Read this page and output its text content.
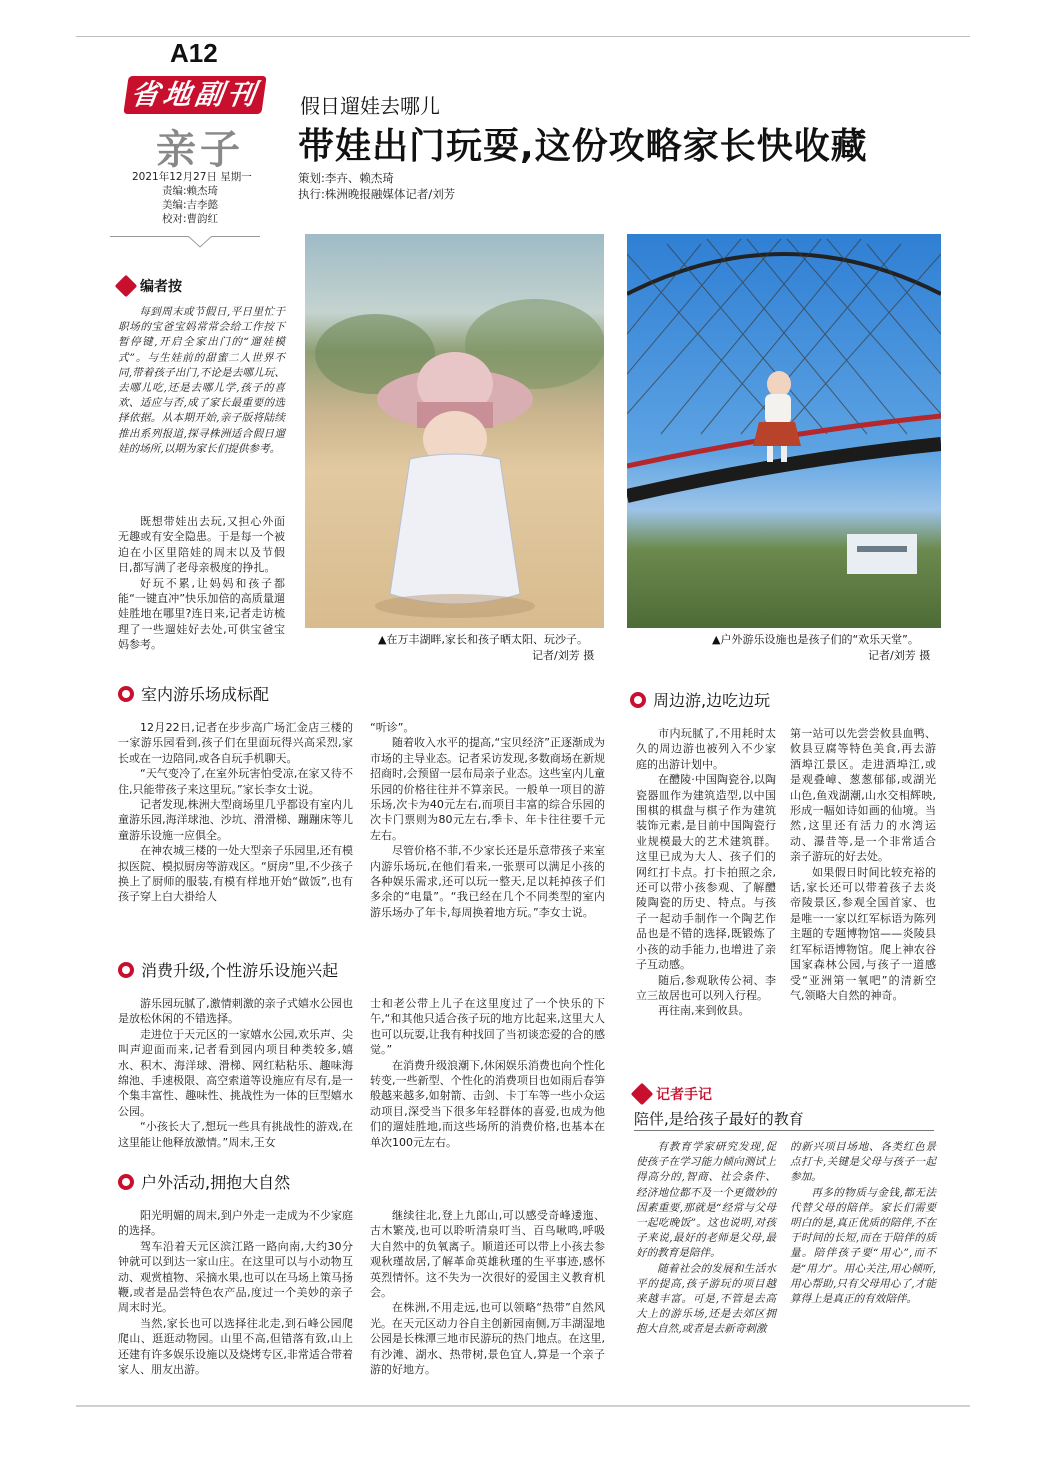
A12
省地副刊
亲子
2021年12月27日 星期一
责编:赖杰琦
美编:吉李懿
校对:曹韵红
假日遛娃去哪儿
带娃出门玩耍,这份攻略家长快收藏
策划:李卉、赖杰琦
执行:株洲晚报融媒体记者/刘芳
编者按
每到周末或节假日,平日里忙于职场的宝爸宝妈常常会给工作按下暂停键,开启全家出门的“遛娃模式”。与生娃前的甜蜜二人世界不同,带着孩子出门,不论是去哪儿玩、去哪儿吃,还是去哪儿学,孩子的喜欢、适应与否,成了家长最重要的选择依据。从本期开始,亲子版将陆续推出系列报道,探寻株洲适合假日遛娃的场所,以期为家长们提供参考。

既想带娃出去玩,又担心外面无趣或有安全隐患。于是每一个被迫在小区里陪娃的周末以及节假日,都写满了老母亲极度的挣扎。

好玩不累,让妈妈和孩子都能“一键直冲”快乐加倍的高质量遛娃胜地在哪里?连日来,记者走访梳理了一些遛娃好去处,可供宝爸宝妈参考。	▲在万丰湖畔,家长和孩子晒太阳、玩沙子。
记者/刘芳 摄
▲户外游乐设施也是孩子们的“欢乐天堂”。
记者/刘芳 摄
室内游乐场成标配

12月22日,记者在步步高广场汇金店三楼的一家游乐园看到,孩子们在里面玩得兴高采烈,家长或在一边陪同,或各自玩手机聊天。

“天气变冷了,在室外玩害怕受凉,在家又待不住,只能带孩子来这里玩。”家长李女士说。

记者发现,株洲大型商场里几乎都设有室内儿童游乐园,海洋球池、沙坑、滑滑梯、蹦蹦床等儿童游乐设施一应俱全。

在神农城三楼的一处大型亲子乐园里,还有模拟医院、模拟厨房等游戏区。“厨房”里,不少孩子换上了厨师的服装,有模有样地开始“做饭”,也有孩子穿上白大褂给人

“听诊”。

随着收入水平的提高,“宝贝经济”正逐渐成为市场的主导业态。记者采访发现,多数商场在新规招商时,会预留一层布局亲子业态。这些室内儿童乐园的价格往往并不算亲民。一般单一项目的游乐场,次卡为40元左右,而项目丰富的综合乐园的次卡门票则为80元左右,季卡、年卡往往要千元左右。

尽管价格不菲,不少家长还是乐意带孩子来室内游乐场玩,在他们看来,一张票可以满足小孩的各种娱乐需求,还可以玩一整天,足以耗掉孩子们多余的“电量”。“我已经在几个不同类型的室内游乐场办了年卡,每周换着地方玩。”李女士说。

消费升级,个性游乐设施兴起

游乐园玩腻了,激情刺激的亲子式嬉水公园也是放松休闲的不错选择。

走进位于天元区的一家嬉水公园,欢乐声、尖叫声迎面而来,记者看到园内项目种类较多,嬉水、积木、海洋球、滑梯、网红粘粘乐、趣味海绵池、手速极限、高空索道等设施应有尽有,是一个集丰富性、趣味性、挑战性为一体的巨型嬉水公园。

“小孩长大了,想玩一些具有挑战性的游戏,在这里能让他释放激情。”周末,王女

士和老公带上儿子在这里度过了一个快乐的下午,“和其他只适合孩子玩的地方比起来,这里大人也可以玩耍,让我有种找回了当初谈恋爱的合的感觉。”

在消费升级浪潮下,休闲娱乐消费也向个性化转变,一些新型、个性化的消费项目也如雨后春笋般越来越多,如射箭、击剑、卡丁车等一些小众运动项目,深受当下很多年轻群体的喜爱,也成为他们的遛娃胜地,而这些场所的消费价格,也基本在单次100元左右。

户外活动,拥抱大自然

阳光明媚的周末,到户外走一走成为不少家庭的选择。

驾车沿着天元区滨江路一路向南,大约30分钟就可以到达一家山庄。在这里可以与小动物互动、观赏植物、采摘水果,也可以在马场上策马扬鞭,或者是品尝特色农产品,度过一个美妙的亲子周末时光。

当然,家长也可以选择往北走,到石峰公园爬爬山、逛逛动物园。山里不高,但错落有致,山上还建有许多娱乐设施以及烧烤专区,非常适合带着家人、朋友出游。

继续往北,登上九郎山,可以感受奇峰逶迤、古木繁茂,也可以聆听清泉叮当、百鸟啾鸣,呼吸大自然中的负氧离子。顺道还可以带上小孩去参观秋瑾故居,了解革命英雄秋瑾的生平事迹,感怀英烈情怀。这不失为一次很好的爱国主义教育机会。

在株洲,不用走远,也可以领略“热带”自然风光。在天元区动力谷自主创新园南侧,万丰湖湿地公园是长株潭三地市民游玩的热门地点。在这里,有沙滩、湖水、热带树,景色宜人,算是一个亲子游的好地方。

周边游,边吃边玩

市内玩腻了,不用耗时太久的周边游也被列入不少家庭的出游计划中。

在醴陵·中国陶瓷谷,以陶瓷器皿作为建筑造型,以中国围棋的棋盘与棋子作为建筑装饰元素,是目前中国陶瓷行业规模最大的艺术建筑群。这里已成为大人、孩子们的网红打卡点。打卡拍照之余,还可以带小孩参观、了解醴陵陶瓷的历史、特点。与孩子一起动手制作一个陶艺作品也是不错的选择,既锻炼了小孩的动手能力,也增进了亲子互动感。

随后,参观耿传公祠、李立三故居也可以列入行程。

再往南,来到攸县。

第一站可以先尝尝攸县血鸭、攸县豆腐等特色美食,再去游酒埠江景区。走进酒埠江,或是观叠嶂、葱葱郁郁,或湖光山色,鱼戏湖潮,山水交相辉映,形成一幅如诗如画的仙境。当然,这里还有活力的水湾运动、瀑昔等,是一个非常适合亲子游玩的好去处。

如果假日时间比较充裕的话,家长还可以带着孩子去炎帝陵景区,参观全国首家、也是唯一一家以红军标语为陈列主题的专题博物馆——炎陵县红军标语博物馆。爬上神农谷国家森林公园,与孩子一道感受“亚洲第一氧吧”的清新空气,领略大自然的神奇。

记者手记
陪伴,是给孩子最好的教育

有教育学家研究发现,促使孩子在学习能力倾向测试上得高分的,智商、社会条件、经济地位都不及一个更微妙的因素重要,那就是“经常与父母一起吃晚饭”。这也说明,对孩子来说,最好的老师是父母,最好的教育是陪伴。

随着社会的发展和生活水平的提高,孩子游玩的项目越来越丰富。可是,不管是去高大上的游乐场,还是去郊区拥抱大自然,或者是去新奇刺激

的新兴项目场地、各类红色景点打卡,关键是父母与孩子一起参加。

再多的物质与金钱,都无法代替父母的陪伴。家长们需要明白的是,真正优质的陪伴,不在于时间的长短,而在于陪伴的质量。陪伴孩子要“用心”,而不是“用力”。用心关注,用心倾听,用心帮助,只有父母用心了,才能算得上是真正的有效陪伴。
